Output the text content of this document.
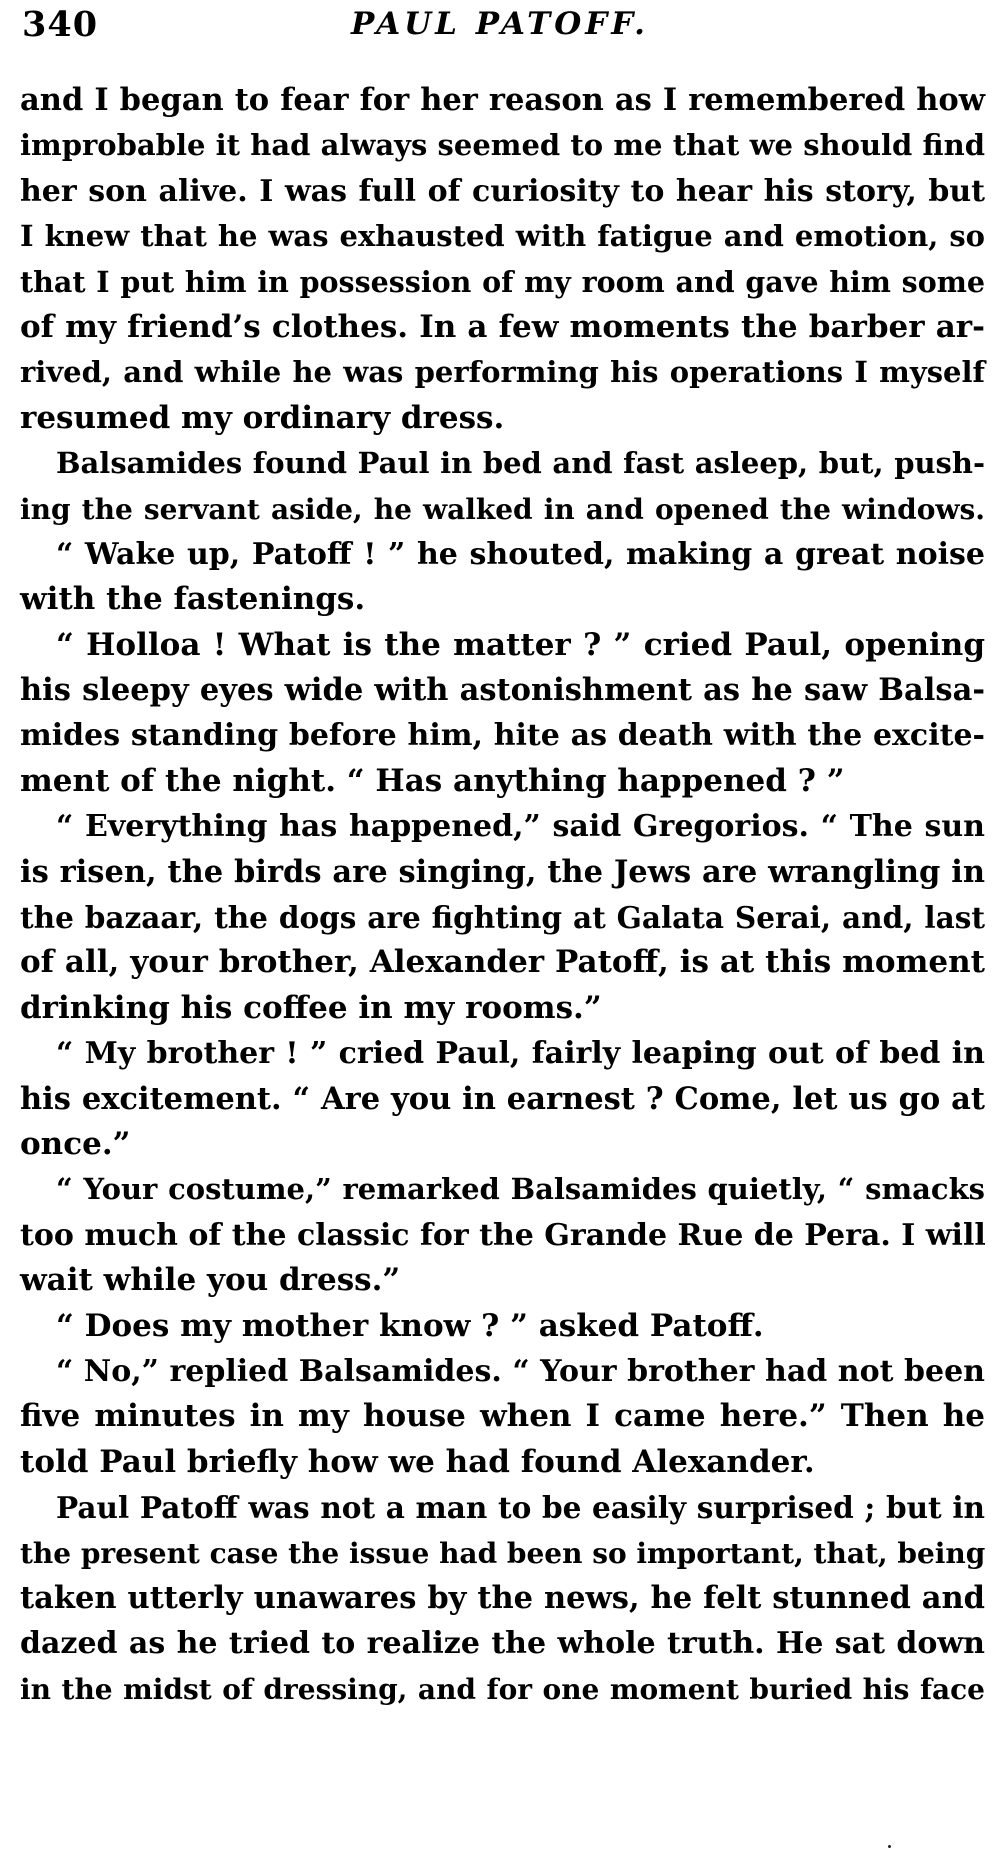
340	PAUL PATOFF.
and I began to fear for her reason as I remembered how
improbable it had always seemed to me that we should find
her son alive. I was full of curiosity to hear his story, but
I knew that he was exhausted with fatigue and emotion, so
that I put him in possession of my room and gave him some
of my friend’s clothes. In a few moments the barber ar-
rived, and while he was performing his operations I myself
resumed my ordinary dress.
Balsamides found Paul in bed and fast asleep, but, push-
ing the servant aside, he walked in and opened the windows.
“ Wake up, Patoff ! ” he shouted, making a great noise
with the fastenings.
“ Holloa ! What is the matter ? ” cried Paul, opening
his sleepy eyes wide with astonishment as he saw Balsa-
mides standing before him, hite as death with the excite-
ment of the night. “ Has anything happened ? ”
“ Everything has happened,” said Gregorios. “ The sun
is risen, the birds are singing, the Jews are wrangling in
the bazaar, the dogs are fighting at Galata Serai, and, last
of all, your brother, Alexander Patoff, is at this moment
drinking his coffee in my rooms.”
“ My brother ! ” cried Paul, fairly leaping out of bed in
his excitement. “ Are you in earnest ? Come, let us go at
once.”
“ Your costume,” remarked Balsamides quietly, “ smacks
too much of the classic for the Grande Rue de Pera. I will
wait while you dress.”
“ Does my mother know ? ” asked Patoff.
“ No,” replied Balsamides. “ Your brother had not been
five minutes in my house when I came here.” Then he
told Paul briefly how we had found Alexander.
Paul Patoff was not a man to be easily surprised ; but in
the present case the issue had been so important, that, being
taken utterly unawares by the news, he felt stunned and
dazed as he tried to realize the whole truth. He sat down
in the midst of dressing, and for one moment buried his face
